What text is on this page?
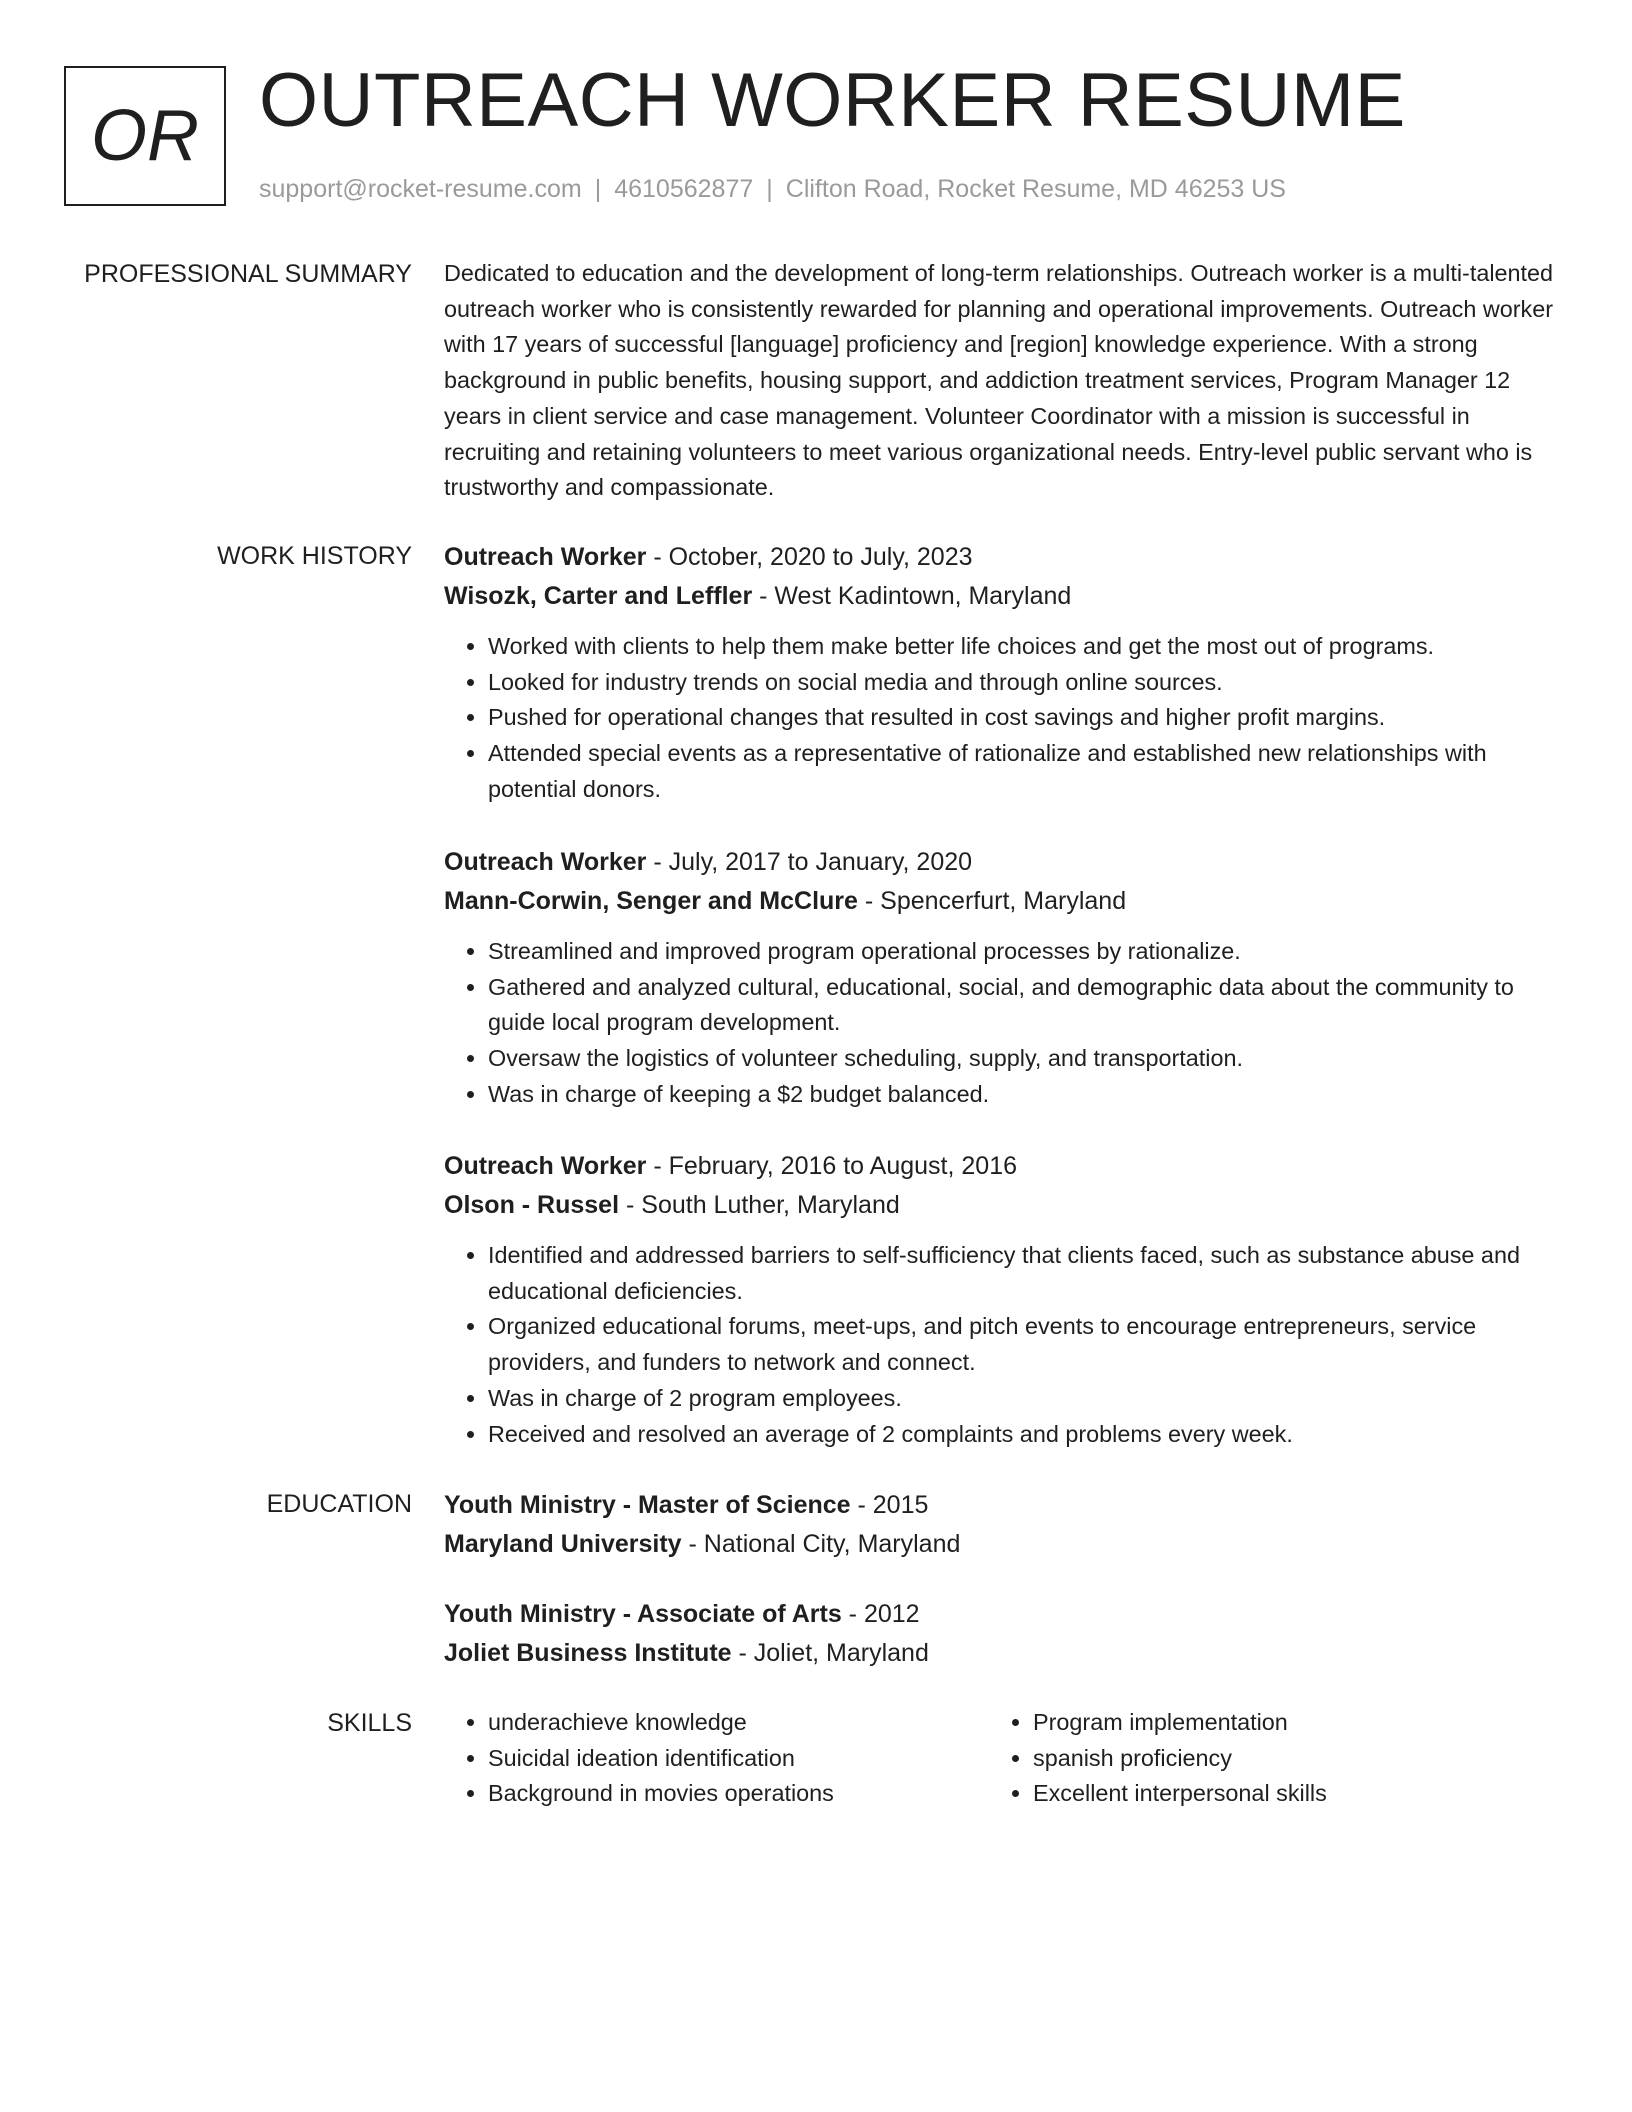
OR OUTREACH WORKER RESUME
support@rocket-resume.com | 4610562877 | Clifton Road, Rocket Resume, MD 46253 US
PROFESSIONAL SUMMARY Dedicated to education and the development of long-term relationships. Outreach worker is a multi-talented outreach worker who is consistently rewarded for planning and operational improvements. Outreach worker with 17 years of successful [language] proficiency and [region] knowledge experience. With a strong background in public benefits, housing support, and addiction treatment services, Program Manager 12 years in client service and case management. Volunteer Coordinator with a mission is successful in recruiting and retaining volunteers to meet various organizational needs. Entry-level public servant who is trustworthy and compassionate.

WORK HISTORY Outreach Worker - October, 2020 to July, 2023
Wisozk, Carter and Leffler - West Kadintown, Maryland
• Worked with clients to help them make better life choices and get the most out of programs.
• Looked for industry trends on social media and through online sources.
• Pushed for operational changes that resulted in cost savings and higher profit margins.
• Attended special events as a representative of rationalize and established new relationships with potential donors.
Outreach Worker - July, 2017 to January, 2020
Mann-Corwin, Senger and McClure - Spencerfurt, Maryland
• Streamlined and improved program operational processes by rationalize.
• Gathered and analyzed cultural, educational, social, and demographic data about the community to guide local program development.
• Oversaw the logistics of volunteer scheduling, supply, and transportation.
• Was in charge of keeping a $2 budget balanced.
Outreach Worker - February, 2016 to August, 2016
Olson - Russel - South Luther, Maryland
• Identified and addressed barriers to self-sufficiency that clients faced, such as substance abuse and educational deficiencies.
• Organized educational forums, meet-ups, and pitch events to encourage entrepreneurs, service providers, and funders to network and connect.
• Was in charge of 2 program employees.
• Received and resolved an average of 2 complaints and problems every week.
EDUCATION Youth Ministry - Master of Science - 2015
Maryland University - National City, Maryland
Youth Ministry - Associate of Arts - 2012
Joliet Business Institute - Joliet, Maryland
SKILLS
•	underachieve knowledge
• Suicidal ideation identification
• Background in movies operations
• Program implementation
• spanish proficiency
• Excellent interpersonal skills
